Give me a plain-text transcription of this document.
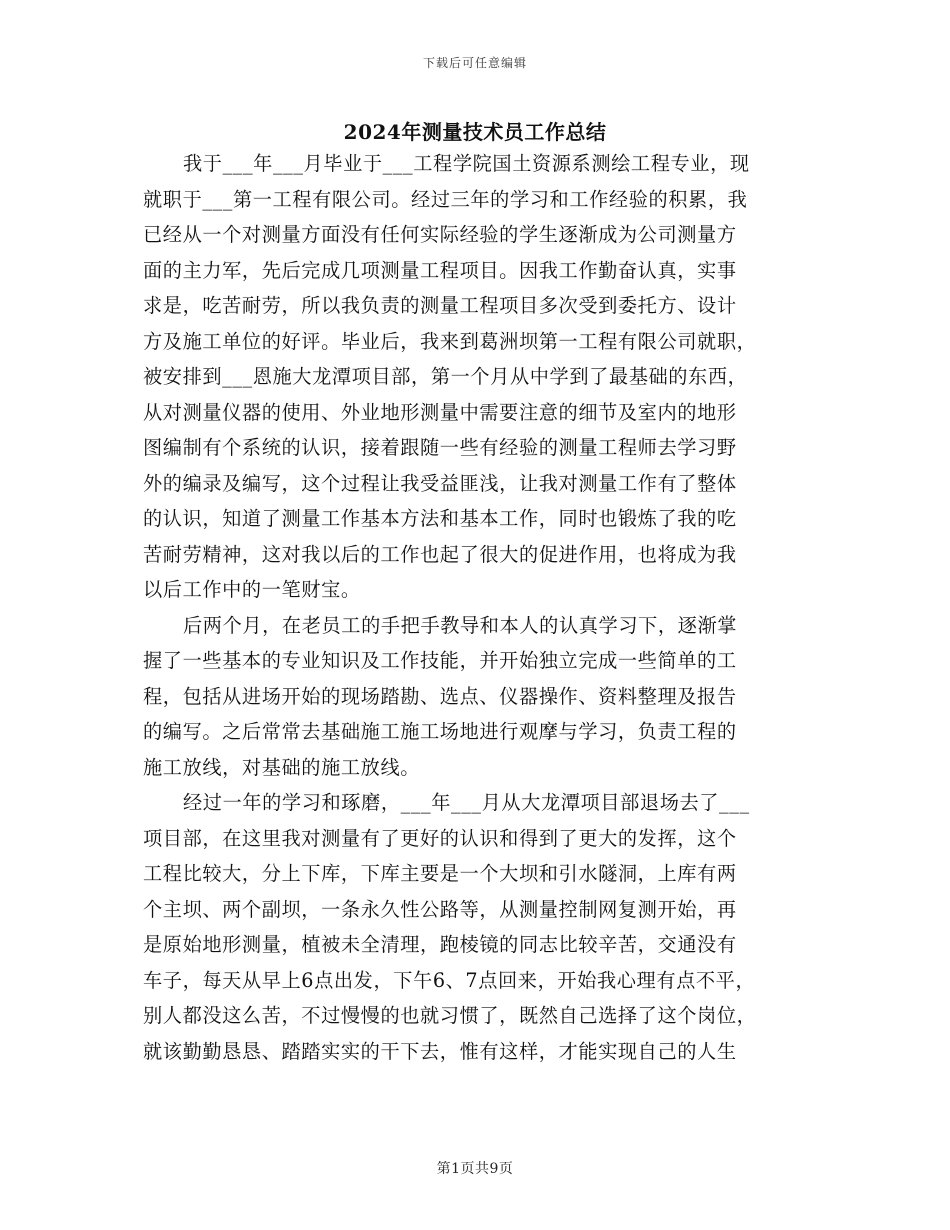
下载后可任意编辑
2024年测量技术员工作总结

我于___年___月毕业于___工程学院国土资源系测绘工程专业，现
就职于___第一工程有限公司。经过三年的学习和工作经验的积累，我
已经从一个对测量方面没有任何实际经验的学生逐渐成为公司测量方
面的主力军，先后完成几项测量工程项目。因我工作勤奋认真，实事
求是，吃苦耐劳，所以我负责的测量工程项目多次受到委托方、设计
方及施工单位的好评。毕业后，我来到葛洲坝第一工程有限公司就职，
被安排到___恩施大龙潭项目部，第一个月从中学到了最基础的东西，
从对测量仪器的使用、外业地形测量中需要注意的细节及室内的地形
图编制有个系统的认识，接着跟随一些有经验的测量工程师去学习野
外的编录及编写，这个过程让我受益匪浅，让我对测量工作有了整体
的认识，知道了测量工作基本方法和基本工作，同时也锻炼了我的吃
苦耐劳精神，这对我以后的工作也起了很大的促进作用，也将成为我
以后工作中的一笔财宝。

后两个月，在老员工的手把手教导和本人的认真学习下，逐渐掌
握了一些基本的专业知识及工作技能，并开始独立完成一些简单的工
程，包括从进场开始的现场踏勘、选点、仪器操作、资料整理及报告
的编写。之后常常去基础施工施工场地进行观摩与学习，负责工程的
施工放线，对基础的施工放线。

经过一年的学习和琢磨，___年___月从大龙潭项目部退场去了___
项目部，在这里我对测量有了更好的认识和得到了更大的发挥，这个
工程比较大，分上下库，下库主要是一个大坝和引水隧洞，上库有两
个主坝、两个副坝，一条永久性公路等，从测量控制网复测开始，再
是原始地形测量，植被未全清理，跑棱镜的同志比较辛苦，交通没有
车子，每天从早上6点出发，下午6、7点回来，开始我心理有点不平，
别人都没这么苦，不过慢慢的也就习惯了，既然自己选择了这个岗位，
就该勤勤恳恳、踏踏实实的干下去，惟有这样，才能实现自己的人生

第1页共9页
